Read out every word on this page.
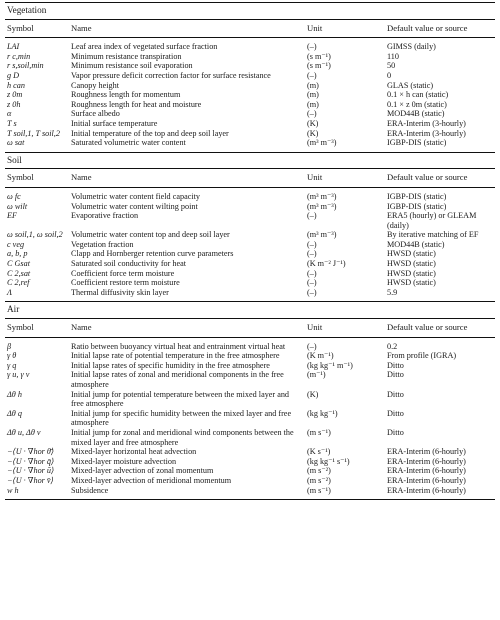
Vegetation			
Symbol	Name	Unit	Default value or source
LAI	Leaf area index of vegetated surface fraction	(–)	GIMSS (daily)
r c,min	Minimum resistance transpiration	(s m⁻¹)	110
r s,soil,min	Minimum resistance soil evaporation	(s m⁻¹)	50
g D	Vapor pressure deficit correction factor for surface resistance	(–)	0
h can	Canopy height	(m)	GLAS (static)
z 0m	Roughness length for momentum	(m)	0.1 × h can (static)
z 0h	Roughness length for heat and moisture	(m)	0.1 × z 0m (static)
α	Surface albedo	(–)	MOD44B (static)
T s	Initial surface temperature	(K)	ERA-Interim (3-hourly)
T soil,1, T soil,2	Initial temperature of the top and deep soil layer	(K)	ERA-Interim (3-hourly)
ω sat	Saturated volumetric water content	(m³ m⁻³)	IGBP-DIS (static)
Soil			
Symbol	Name	Unit	Default value or source
ω fc	Volumetric water content field capacity	(m³ m⁻³)	IGBP-DIS (static)
ω wilt	Volumetric water content wilting point	(m³ m⁻³)	IGBP-DIS (static)
EF	Evaporative fraction	(–)	ERA5 (hourly) or GLEAM (daily)
ω soil,1, ω soil,2	Volumetric water content top and deep soil layer	(m³ m⁻³)	By iterative matching of EF
c veg	Vegetation fraction	(–)	MOD44B (static)
a, b, p	Clapp and Hornberger retention curve parameters	(–)	HWSD (static)
C Gsat	Saturated soil conductivity for heat	(K m⁻² J⁻¹)	HWSD (static)
C 2,sat	Coefficient force term moisture	(–)	HWSD (static)
C 2,ref	Coefficient restore term moisture	(–)	HWSD (static)
Λ	Thermal diffusivity skin layer	(–)	5.9
Air			
Symbol	Name	Unit	Default value or source
β	Ratio between buoyancy virtual heat and entrainment virtual heat	(–)	0.2
γ θ	Initial lapse rate of potential temperature in the free atmosphere	(K m⁻¹)	From profile (IGRA)
γ q	Initial lapse rates of specific humidity in the free atmosphere	(kg kg⁻¹ m⁻¹)	Ditto
γ u, γ v	Initial lapse rates of zonal and meridional components in the free atmosphere	(m⁻¹)	Ditto
Δθ h	Initial jump for potential temperature between the mixed layer and free atmosphere	(K)	Ditto
Δθ q	Initial jump for specific humidity between the mixed layer and free atmosphere	(kg kg⁻¹)	Ditto
Δθ u, Δθ v	Initial jump for zonal and meridional wind components between the mixed layer and free atmosphere	(m s⁻¹)	Ditto
−⟨U · ∇hor θ̄⟩	Mixed-layer horizontal heat advection	(K s⁻¹)	ERA-Interim (6-hourly)
−⟨U · ∇hor q̄⟩	Mixed-layer moisture advection	(kg kg⁻¹ s⁻¹)	ERA-Interim (6-hourly)
−⟨U · ∇hor ū⟩	Mixed-layer advection of zonal momentum	(m s⁻²)	ERA-Interim (6-hourly)
−⟨U · ∇hor v̄⟩	Mixed-layer advection of meridional momentum	(m s⁻²)	ERA-Interim (6-hourly)
w h	Subsidence	(m s⁻¹)	ERA-Interim (6-hourly)
